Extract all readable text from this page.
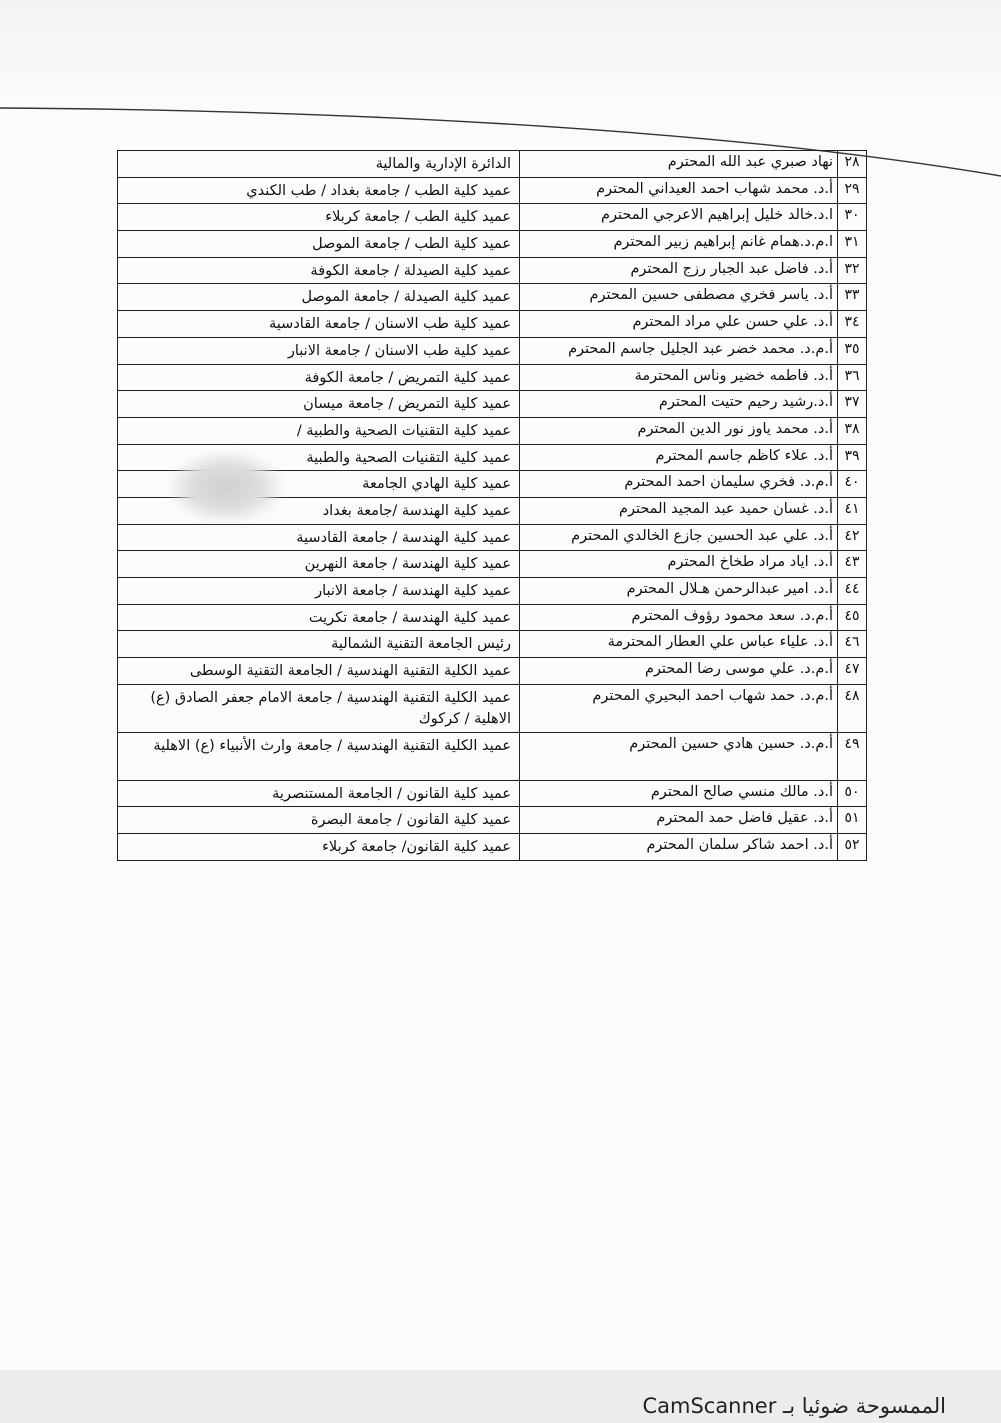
٢٨
نهاد صبري عبد الله المحترم
الدائرة الإدارية والمالية
٢٩
أ.د. محمد شهاب احمد العيداني المحترم
عميد كلية الطب / جامعة بغداد / طب الكندي
٣٠
ا.د.خالد خليل إبراهيم الاعرجي المحترم
عميد كلية الطب / جامعة كربلاء
٣١
ا.م.د.همام غانم إبراهيم زبير المحترم
عميد كلية الطب / جامعة الموصل
٣٢
أ.د. فاضل عبد الجبار رزج المحترم
عميد كلية الصيدلة / جامعة الكوفة
٣٣
أ.د. ياسر فخري مصطفى حسين المحترم
عميد كلية الصيدلة / جامعة الموصل
٣٤
أ.د. علي حسن علي مراد المحترم
عميد كلية طب الاسنان / جامعة القادسية
٣٥
أ.م.د. محمد خضر عبد الجليل جاسم المحترم
عميد كلية طب الاسنان / جامعة الانبار
٣٦
أ.د. فاطمه خضير وناس المحترمة
عميد كلية التمريض / جامعة الكوفة
٣٧
أ.د.رشيد رحيم حتيت المحترم
عميد كلية التمريض / جامعة ميسان
٣٨
أ.د. محمد ياوز نور الدين المحترم
عميد كلية التقنيات الصحية والطبية /
٣٩
أ.د. علاء كاظم جاسم المحترم
عميد كلية التقنيات الصحية والطبية
٤٠
أ.م.د. فخري سليمان احمد المحترم
عميد كلية الهادي الجامعة
٤١
أ.د. غسان حميد عبد المجيد المحترم
عميد كلية الهندسة /جامعة بغداد
٤٢
أ.د. علي عبد الحسين جازع الخالدي المحترم
عميد كلية الهندسة / جامعة القادسية
٤٣
أ.د. اياد مراد طخاخ المحترم
عميد كلية الهندسة / جامعة النهرين
٤٤
أ.د. امير عبدالرحمن هـلال المحترم
عميد كلية الهندسة / جامعة الانبار
٤٥
أ.م.د. سعد محمود رؤوف المحترم
عميد كلية الهندسة / جامعة تكريت
٤٦
أ.د. علياء عباس علي العطار المحترمة
رئيس الجامعة التقنية الشمالية
٤٧
أ.م.د. علي موسى رضا المحترم
عميد الكلية التقنية الهندسية / الجامعة التقنية الوسطى
٤٨
أ.م.د. حمد شهاب احمد البحيري المحترم
عميد الكلية التقنية الهندسية / جامعة الامام جعفر الصادق (ع) الاهلية / كركوك
٤٩
أ.م.د. حسين هادي حسين المحترم
عميد الكلية التقنية الهندسية / جامعة وارث الأنبياء (ع) الاهلية
٥٠
أ.د. مالك منسي صالح المحترم
عميد كلية القانون / الجامعة المستنصرية
٥١
أ.د. عقيل فاضل حمد المحترم
عميد كلية القانون / جامعة البصرة
٥٢
أ.د. احمد شاكر سلمان المحترم
عميد كلية القانون/ جامعة كربلاء
CamScanner الممسوحة ضوئيا بـ
